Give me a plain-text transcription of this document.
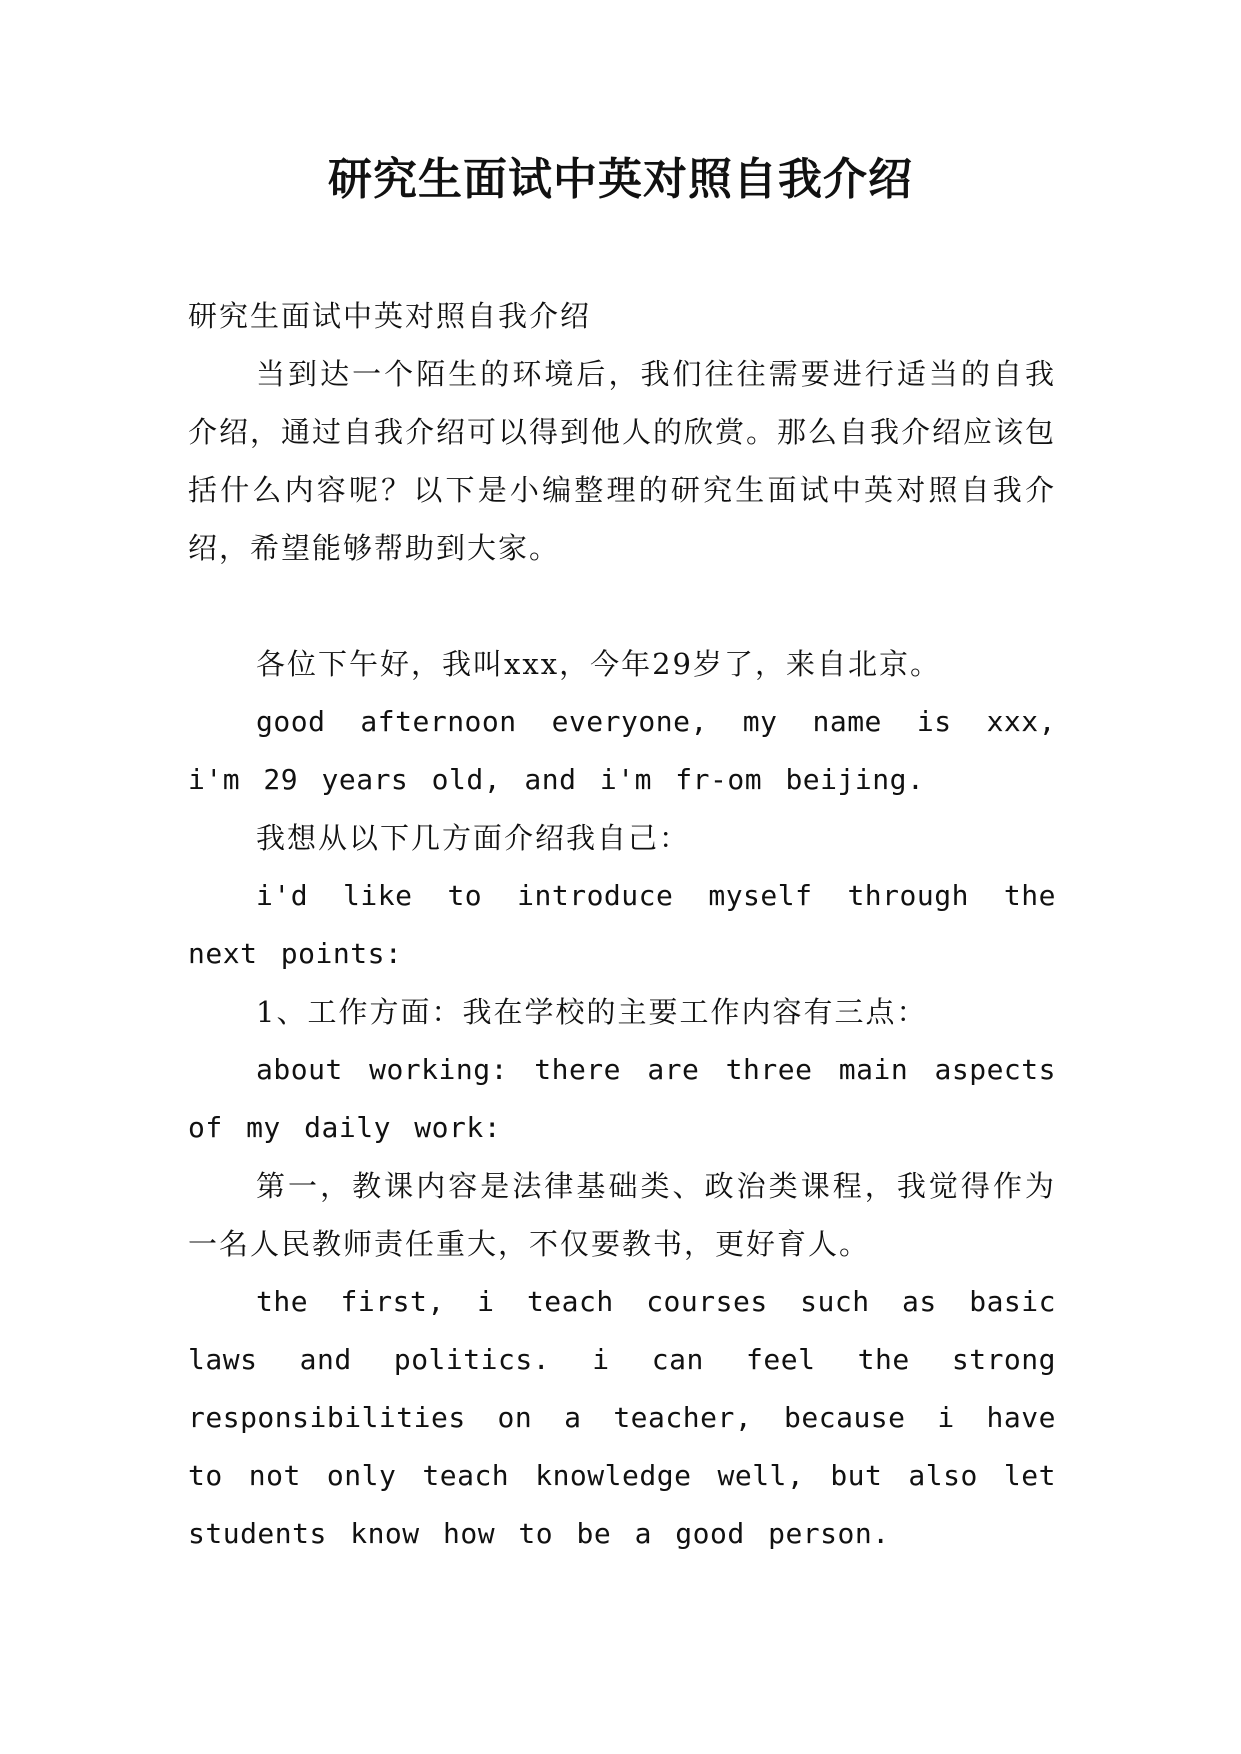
研究生面试中英对照自我介绍

研究生面试中英对照自我介绍

当到达一个陌生的环境后，我们往往需要进行适当的自我介绍，通过自我介绍可以得到他人的欣赏。那么自我介绍应该包括什么内容呢？以下是小编整理的研究生面试中英对照自我介绍，希望能够帮助到大家。

各位下午好，我叫xxx，今年29岁了，来自北京。

good afternoon everyone, my name is xxx, i'm 29 years old, and i'm fr-om beijing.

我想从以下几方面介绍我自己：

i'd like to introduce myself through the next points:

1、工作方面：我在学校的主要工作内容有三点：

about working: there are three main aspects of my daily work:

第一，教课内容是法律基础类、政治类课程，我觉得作为一名人民教师责任重大，不仅要教书，更好育人。

the first, i teach courses such as basic laws and politics. i can feel the strong responsibilities on a teacher, because i have to not only teach knowledge well, but also let students know how to be a good person.
